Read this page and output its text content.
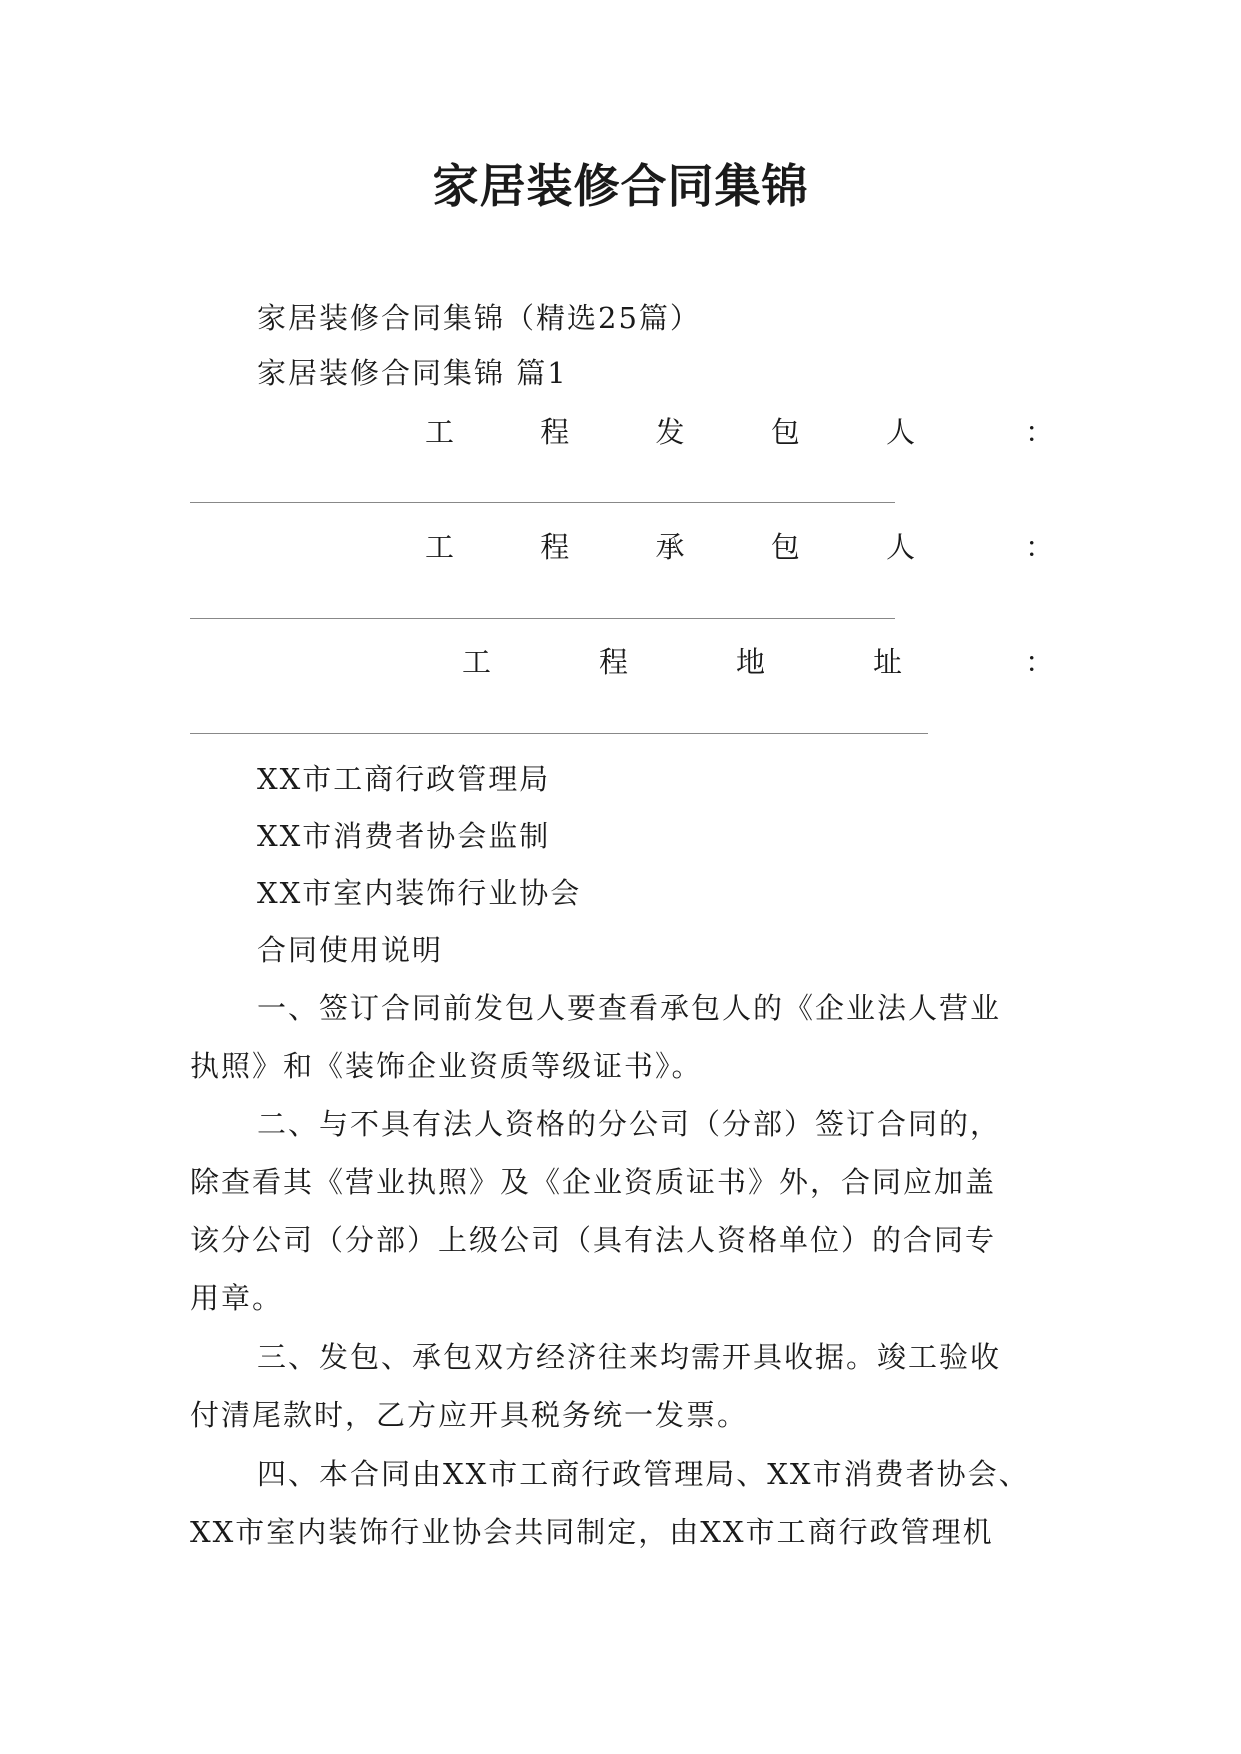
家居装修合同集锦
家居装修合同集锦（精选25篇）
家居装修合同集锦 篇1
工	程	发	包	人	：
工	程	承	包	人	：
工	程	地	址	：
XX市工商行政管理局
XX市消费者协会监制
XX市室内装饰行业协会
合同使用说明
一、签订合同前发包人要查看承包人的《企业法人营业
执照》和《装饰企业资质等级证书》。
二、与不具有法人资格的分公司（分部）签订合同的，
除查看其《营业执照》及《企业资质证书》外，合同应加盖
该分公司（分部）上级公司（具有法人资格单位）的合同专
用章。
三、发包、承包双方经济往来均需开具收据。竣工验收
付清尾款时，乙方应开具税务统一发票。
四、本合同由XX市工商行政管理局、XX市消费者协会、
XX市室内装饰行业协会共同制定，由XX市工商行政管理机
